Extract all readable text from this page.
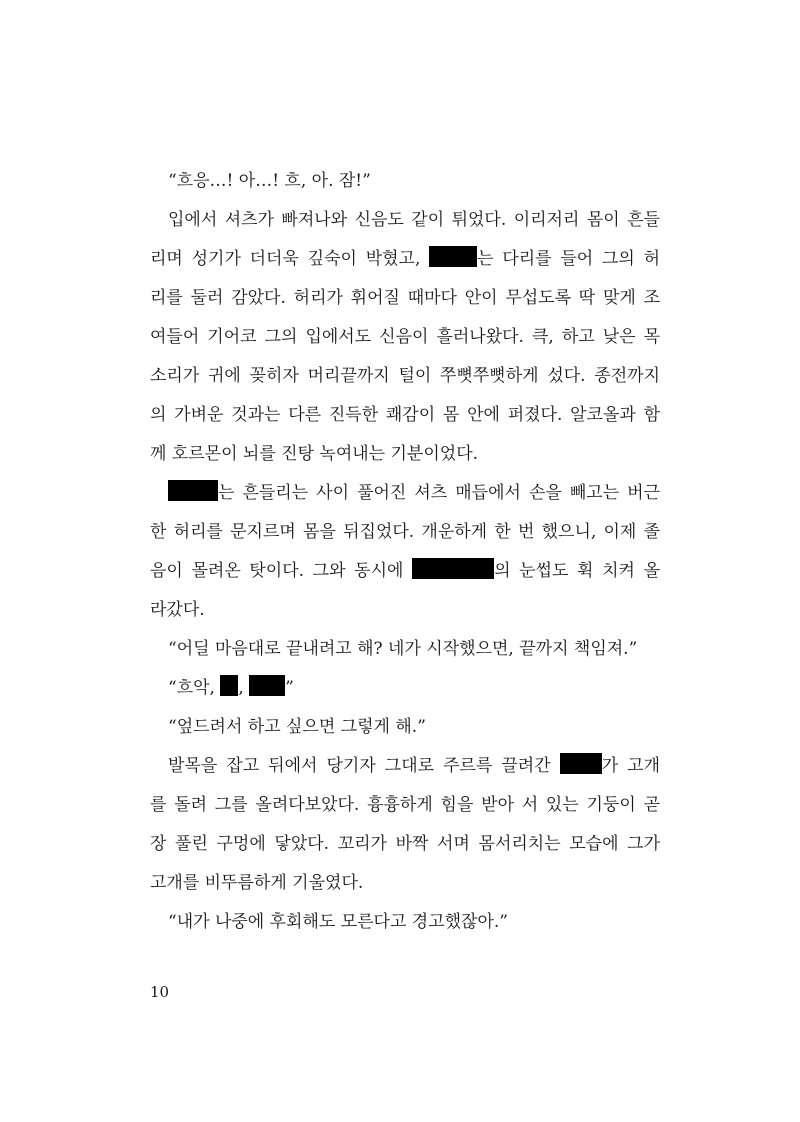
“흐응…! 아…! 흐, 아. 잠!”
입에서 셔츠가 빠져나와 신음도 같이 튀었다. 이리저리 몸이 흔들
리며 성기가 더더욱 깊숙이 박혔고,	는 다리를 들어 그의 허
리를 둘러 감았다. 허리가 휘어질 때마다 안이 무섭도록 딱 맞게 조
여들어 기어코 그의 입에서도 신음이 흘러나왔다. 큭, 하고 낮은 목
소리가 귀에 꽂히자 머리끝까지 털이 쭈뼛쭈뼛하게 섰다. 종전까지
의 가벼운 것과는 다른 진득한 쾌감이 몸 안에 퍼졌다. 알코올과 함
께 호르몬이 뇌를 진탕 녹여내는 기분이었다.
는 흔들리는 사이 풀어진 셔츠 매듭에서 손을 빼고는 버근
한 허리를 문지르며 몸을 뒤집었다. 개운하게 한 번 했으니, 이제 졸
음이 몰려온 탓이다. 그와 동시에	의 눈썹도 휙 치켜 올
라갔다.
“어딜 마음대로 끝내려고 해? 네가 시작했으면, 끝까지 책임져.”
“흐악, , ”
“엎드려서 하고 싶으면 그렇게 해.”
발목을 잡고 뒤에서 당기자 그대로 주르륵 끌려간 가 고개
를 돌려 그를 올려다보았다. 흉흉하게 힘을 받아 서 있는 기둥이 곧
장 풀린 구멍에 닿았다. 꼬리가 바짝 서며 몸서리치는 모습에 그가
고개를 비뚜름하게 기울였다.
“내가 나중에 후회해도 모른다고 경고했잖아.”
10
